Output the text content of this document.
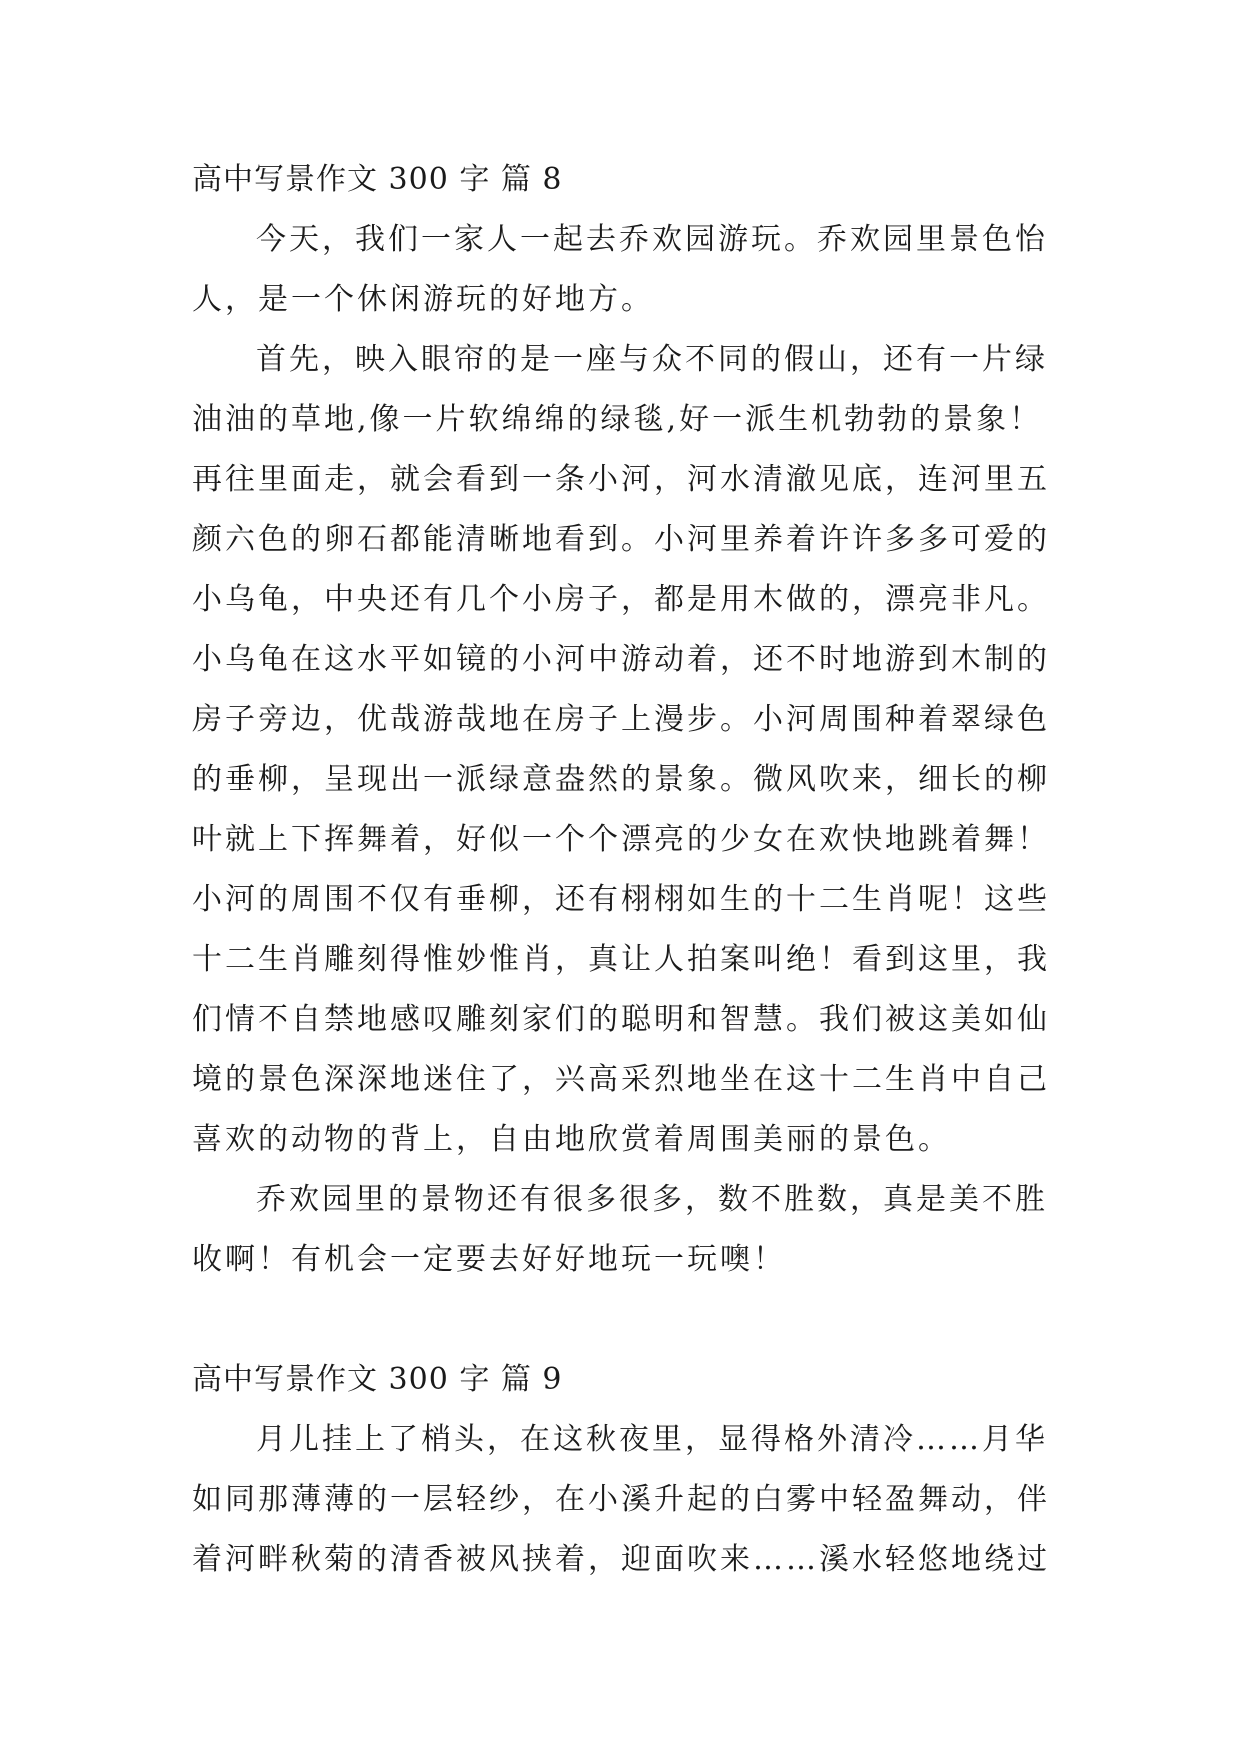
高中写景作文 300 字 篇 8
今天，我们一家人一起去乔欢园游玩。乔欢园里景色怡
人，是一个休闲游玩的好地方。
首先，映入眼帘的是一座与众不同的假山，还有一片绿
油油的草地,像一片软绵绵的绿毯,好一派生机勃勃的景象！
再往里面走，就会看到一条小河，河水清澈见底，连河里五
颜六色的卵石都能清晰地看到。小河里养着许许多多可爱的
小乌龟，中央还有几个小房子，都是用木做的，漂亮非凡。
小乌龟在这水平如镜的小河中游动着，还不时地游到木制的
房子旁边，优哉游哉地在房子上漫步。小河周围种着翠绿色
的垂柳，呈现出一派绿意盎然的景象。微风吹来，细长的柳
叶就上下挥舞着，好似一个个漂亮的少女在欢快地跳着舞！
小河的周围不仅有垂柳，还有栩栩如生的十二生肖呢！这些
十二生肖雕刻得惟妙惟肖，真让人拍案叫绝！看到这里，我
们情不自禁地感叹雕刻家们的聪明和智慧。我们被这美如仙
境的景色深深地迷住了，兴高采烈地坐在这十二生肖中自己
喜欢的动物的背上，自由地欣赏着周围美丽的景色。
乔欢园里的景物还有很多很多，数不胜数，真是美不胜
收啊！有机会一定要去好好地玩一玩噢！
高中写景作文 300 字 篇 9
月儿挂上了梢头，在这秋夜里，显得格外清冷……月华
如同那薄薄的一层轻纱，在小溪升起的白雾中轻盈舞动，伴
着河畔秋菊的清香被风挟着，迎面吹来……溪水轻悠地绕过
